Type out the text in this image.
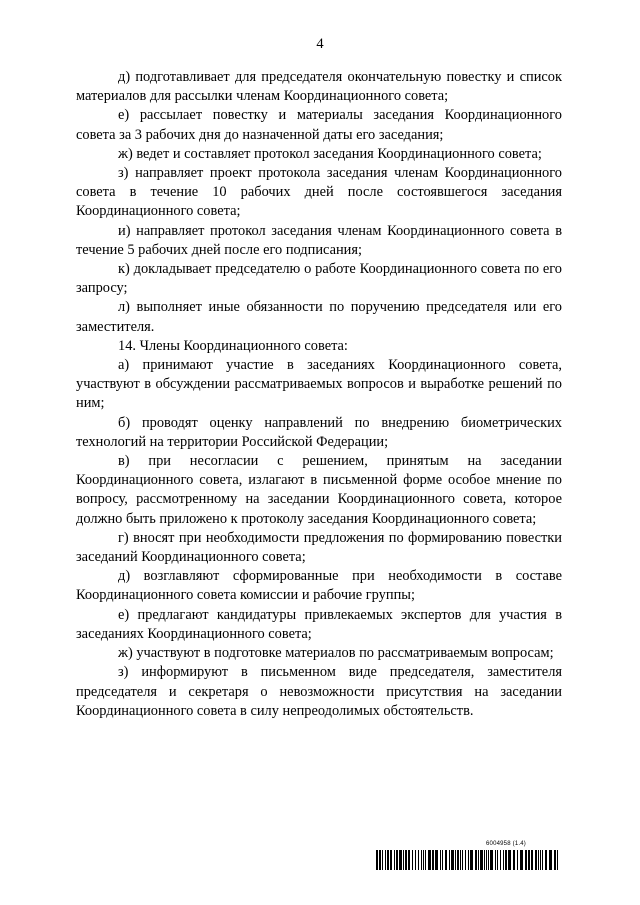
4

д) подготавливает для председателя окончательную повестку и список материалов для рассылки членам Координационного совета;

е) рассылает повестку и материалы заседания Координационного совета за 3 рабочих дня до назначенной даты его заседания;

ж) ведет и составляет протокол заседания Координационного совета;

з) направляет проект протокола заседания членам Координационного совета в течение 10 рабочих дней после состоявшегося заседания Координационного совета;

и) направляет протокол заседания членам Координационного совета в течение 5 рабочих дней после его подписания;

к) докладывает председателю о работе Координационного совета по его запросу;

л) выполняет иные обязанности по поручению председателя или его заместителя.

14. Члены Координационного совета:

а) принимают участие в заседаниях Координационного совета, участвуют в обсуждении рассматриваемых вопросов и выработке решений по ним;

б) проводят оценку направлений по внедрению биометрических технологий на территории Российской Федерации;

в) при несогласии с решением, принятым на заседании Координационного совета, излагают в письменной форме особое мнение по вопросу, рассмотренному на заседании Координационного совета, которое должно быть приложено к протоколу заседания Координационного совета;

г) вносят при необходимости предложения по формированию повестки заседаний Координационного совета;

д) возглавляют сформированные при необходимости в составе Координационного совета комиссии и рабочие группы;

е) предлагают кандидатуры привлекаемых экспертов для участия в заседаниях Координационного совета;

ж) участвуют в подготовке материалов по рассматриваемым вопросам;

з) информируют в письменном виде председателя, заместителя председателя и секретаря о невозможности присутствия на заседании Координационного совета в силу непреодолимых обстоятельств.

6004958 (1.4)
